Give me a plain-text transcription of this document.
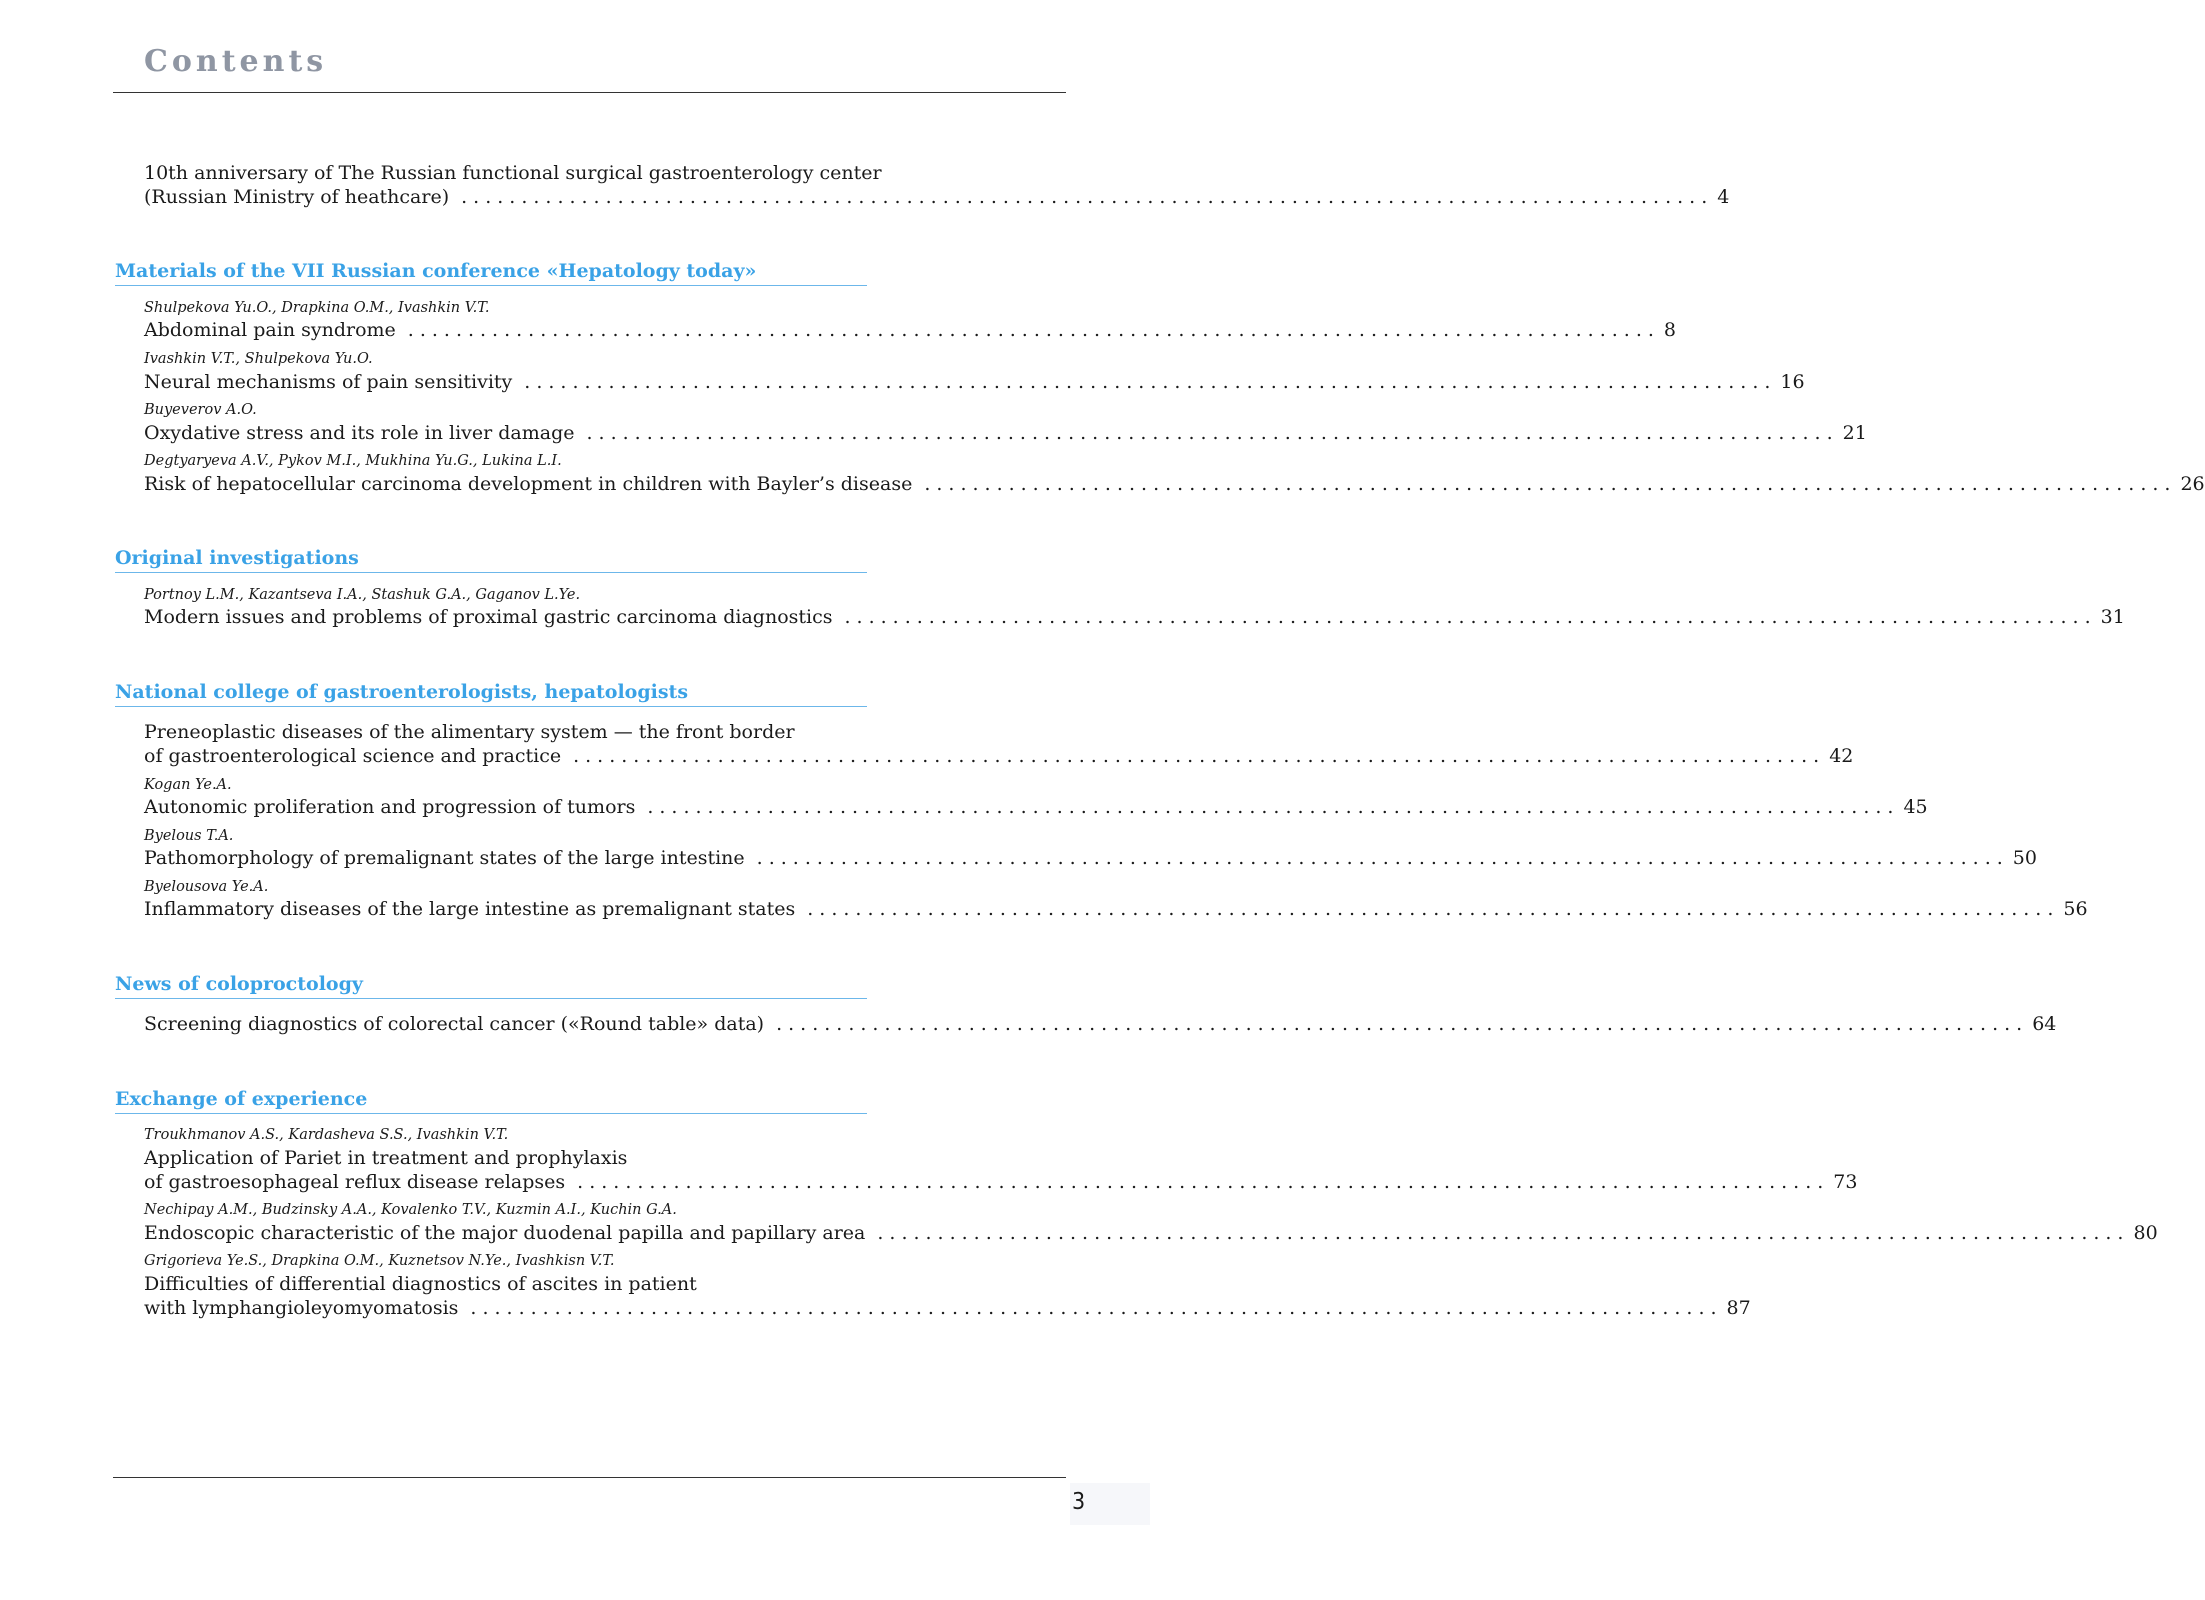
Contents
10th anniversary of The Russian functional surgical gastroenterology center
(Russian Ministry of heathcare) ........................................................................................................ 4
Materials of the VII Russian conference «Hepatology today»
Shulpekova Yu.O., Drapkina O.M., Ivashkin V.T.
Abdominal pain syndrome ........................................................................................................ 8
Ivashkin V.T., Shulpekova Yu.O.
Neural mechanisms of pain sensitivity ........................................................................................................ 16
Buyeverov A.O.
Oxydative stress and its role in liver damage ........................................................................................................ 21
Degtyaryeva A.V., Pykov M.I., Mukhina Yu.G., Lukina L.I.
Risk of hepatocellular carcinoma development in children with Bayler’s disease ........................................................................................................ 26
Original investigations
Portnoy L.M., Kazantseva I.A., Stashuk G.A., Gaganov L.Ye.
Modern issues and problems of proximal gastric carcinoma diagnostics ........................................................................................................ 31
National college of gastroenterologists, hepatologists
Preneoplastic diseases of the alimentary system — the front border
of gastroenterological science and practice ........................................................................................................ 42
Kogan Ye.A.
Autonomic proliferation and progression of tumors ........................................................................................................ 45
Byelous T.A.
Pathomorphology of premalignant states of the large intestine ........................................................................................................ 50
Byelousova Ye.A.
Inflammatory diseases of the large intestine as premalignant states ........................................................................................................ 56
News of coloproctology
Screening diagnostics of colorectal cancer («Round table» data) ........................................................................................................ 64
Exchange of experience
Troukhmanov A.S., Kardasheva S.S., Ivashkin V.T.
Application of Pariet in treatment and prophylaxis
of gastroesophageal reflux disease relapses ........................................................................................................ 73
Nechipay A.M., Budzinsky A.A., Kovalenko T.V., Kuzmin A.I., Kuchin G.A.
Endoscopic characteristic of the major duodenal papilla and papillary area ........................................................................................................ 80
Grigorieva Ye.S., Drapkina O.M., Kuznetsov N.Ye., Ivashkisn V.T.
Difficulties of differential diagnostics of ascites in patient
with lymphangioleyomyomatosis ........................................................................................................ 87
3
